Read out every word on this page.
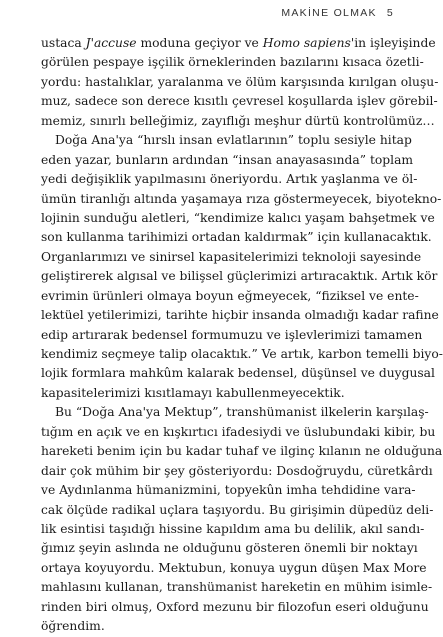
MAKİNE OLMAK 5
ustaca J'accuse moduna geçiyor ve Homo sapiens'in işleyişinde
görülen pespaye işçilik örneklerinden bazılarını kısaca özetli-
yordu: hastalıklar, yaralanma ve ölüm karşısında kırılgan oluşu-
muz, sadece son derece kısıtlı çevresel koşullarda işlev görebil-
memiz, sınırlı belleğimiz, zayıflığı meşhur dürtü kontrolümüz…
Doğa Ana'ya “hırslı insan evlatlarının” toplu sesiyle hitap
eden yazar, bunların ardından “insan anayasasında” toplam
yedi değişiklik yapılmasını öneriyordu. Artık yaşlanma ve öl-
ümün tiranlığı altında yaşamaya rıza göstermeyecek, biyotekno-
lojinin sunduğu aletleri, “kendimize kalıcı yaşam bahşetmek ve
son kullanma tarihimizi ortadan kaldırmak” için kullanacaktık.
Organlarımızı ve sinirsel kapasitelerimizi teknoloji sayesinde
geliştirerek algısal ve bilişsel güçlerimizi artıracaktık. Artık kör
evrimin ürünleri olmaya boyun eğmeyecek, “fiziksel ve ente-
lektüel yetilerimizi, tarihte hiçbir insanda olmadığı kadar rafine
edip artırarak bedensel formumuzu ve işlevlerimizi tamamen
kendimiz seçmeye talip olacaktık.” Ve artık, karbon temelli biyo-
lojik formlara mahkûm kalarak bedensel, düşünsel ve duygusal
kapasitelerimizi kısıtlamayı kabullenmeyecektik.
Bu “Doğa Ana'ya Mektup”, transhümanist ilkelerin karşılaş-
tığım en açık ve en kışkırtıcı ifadesiydi ve üslubundaki kibir, bu
hareketi benim için bu kadar tuhaf ve ilginç kılanın ne olduğuna
dair çok mühim bir şey gösteriyordu: Dosdoğruydu, cüretkârdı
ve Aydınlanma hümanizmini, topyekûn imha tehdidine vara-
cak ölçüde radikal uçlara taşıyordu. Bu girişimin düpedüz deli-
lik esintisi taşıdığı hissine kapıldım ama bu delilik, akıl sandı-
ğımız şeyin aslında ne olduğunu gösteren önemli bir noktayı
ortaya koyuyordu. Mektubun, konuya uygun düşen Max More
mahlasını kullanan, transhümanist hareketin en mühim isimle-
rinden biri olmuş, Oxford mezunu bir filozofun eseri olduğunu
öğrendim.
